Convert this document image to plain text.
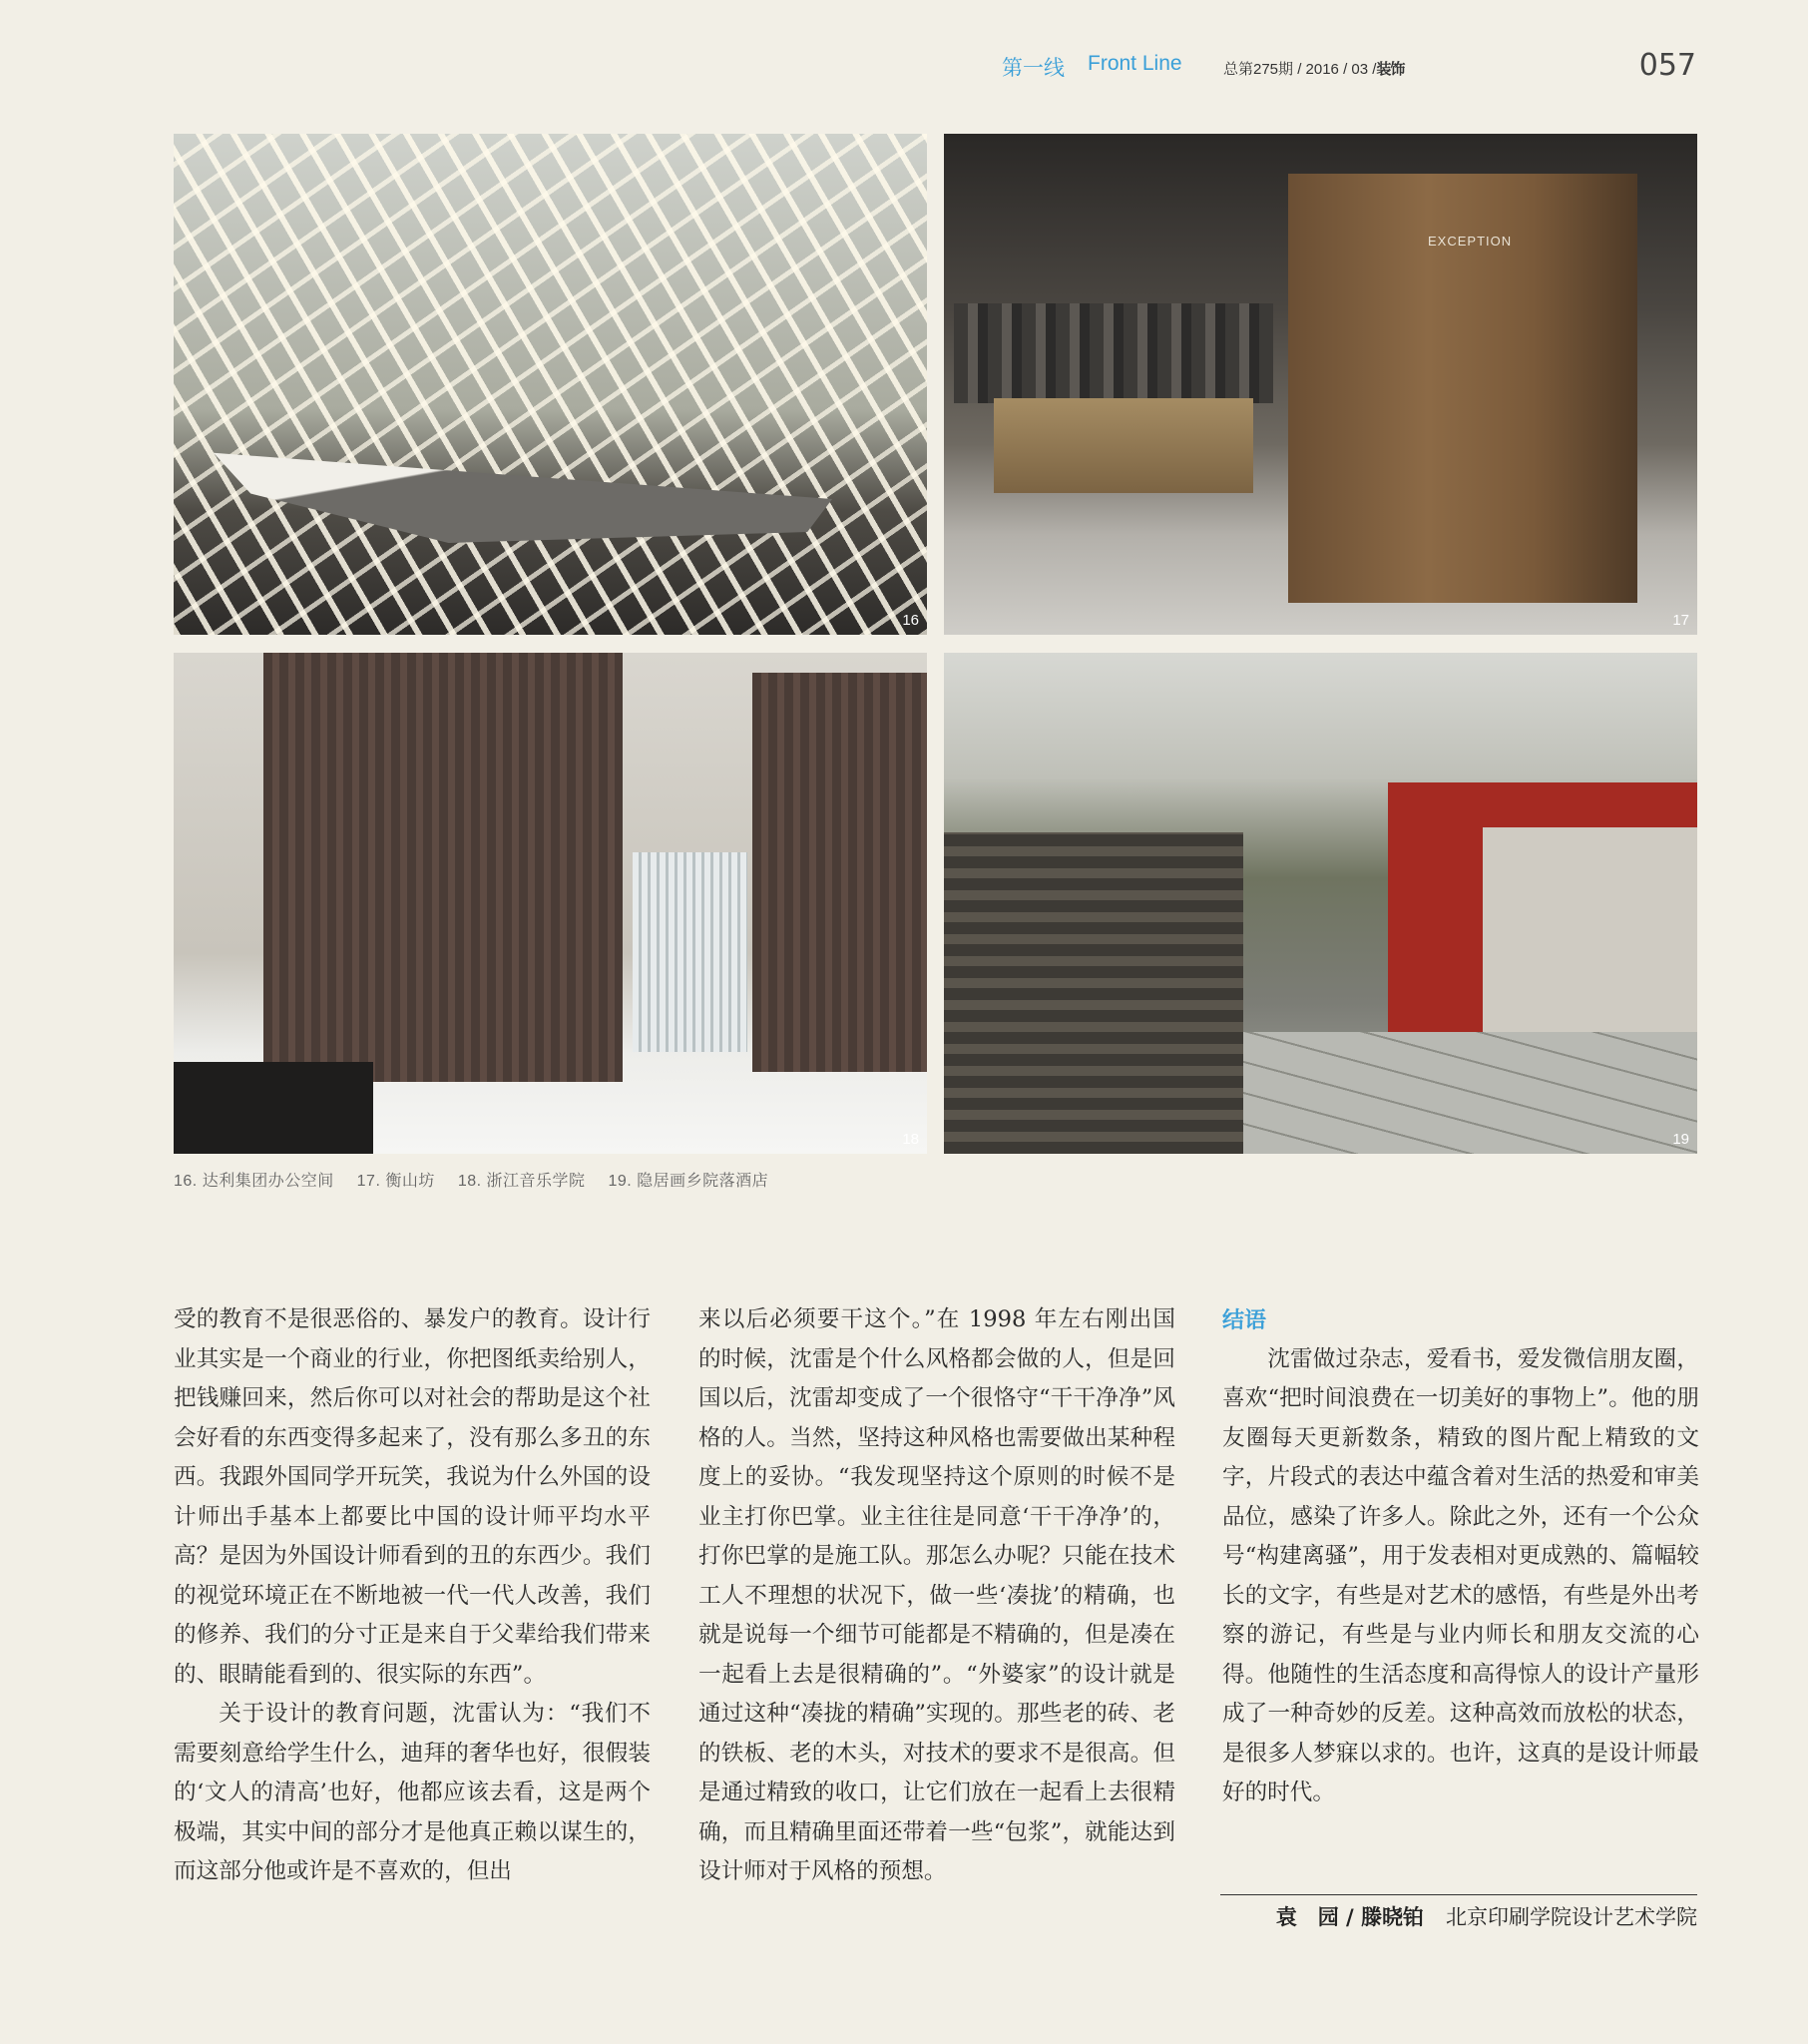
第一线 Front Line	总第275期 / 2016 / 03 /装饰	057
16
EXCEPTION
17
18	19
16. 达利集团办公空间 17. 衡山坊 18. 浙江音乐学院 19. 隐居画乡院落酒店

受的教育不是很恶俗的、暴发户的教育。设计行业其实是一个商业的行业，你把图纸卖给别人，把钱赚回来，然后你可以对社会的帮助是这个社会好看的东西变得多起来了，没有那么多丑的东西。我跟外国同学开玩笑，我说为什么外国的设计师出手基本上都要比中国的设计师平均水平高？是因为外国设计师看到的丑的东西少。我们的视觉环境正在不断地被一代一代人改善，我们的修养、我们的分寸正是来自于父辈给我们带来的、眼睛能看到的、很实际的东西”。

关于设计的教育问题，沈雷认为：“我们不需要刻意给学生什么，迪拜的奢华也好，很假装的‘文人的清高’也好，他都应该去看，这是两个极端，其实中间的部分才是他真正赖以谋生的，而这部分他或许是不喜欢的，但出

来以后必须要干这个。”在 1998 年左右刚出国的时候，沈雷是个什么风格都会做的人，但是回国以后，沈雷却变成了一个很恪守“干干净净”风格的人。当然，坚持这种风格也需要做出某种程度上的妥协。“我发现坚持这个原则的时候不是业主打你巴掌。业主往往是同意‘干干净净’的，打你巴掌的是施工队。那怎么办呢？只能在技术工人不理想的状况下，做一些‘凑拢’的精确，也就是说每一个细节可能都是不精确的，但是凑在一起看上去是很精确的”。“外婆家”的设计就是通过这种“凑拢的精确”实现的。那些老的砖、老的铁板、老的木头，对技术的要求不是很高。但是通过精致的收口，让它们放在一起看上去很精确，而且精确里面还带着一些“包浆”，就能达到设计师对于风格的预想。

结语

沈雷做过杂志，爱看书，爱发微信朋友圈，喜欢“把时间浪费在一切美好的事物上”。他的朋友圈每天更新数条，精致的图片配上精致的文字，片段式的表达中蕴含着对生活的热爱和审美品位，感染了许多人。除此之外，还有一个公众号“构建离骚”，用于发表相对更成熟的、篇幅较长的文字，有些是对艺术的感悟，有些是外出考察的游记，有些是与业内师长和朋友交流的心得。他随性的生活态度和高得惊人的设计产量形成了一种奇妙的反差。这种高效而放松的状态，是很多人梦寐以求的。也许，这真的是设计师最好的时代。

袁　园 / 滕晓铂 北京印刷学院设计艺术学院
